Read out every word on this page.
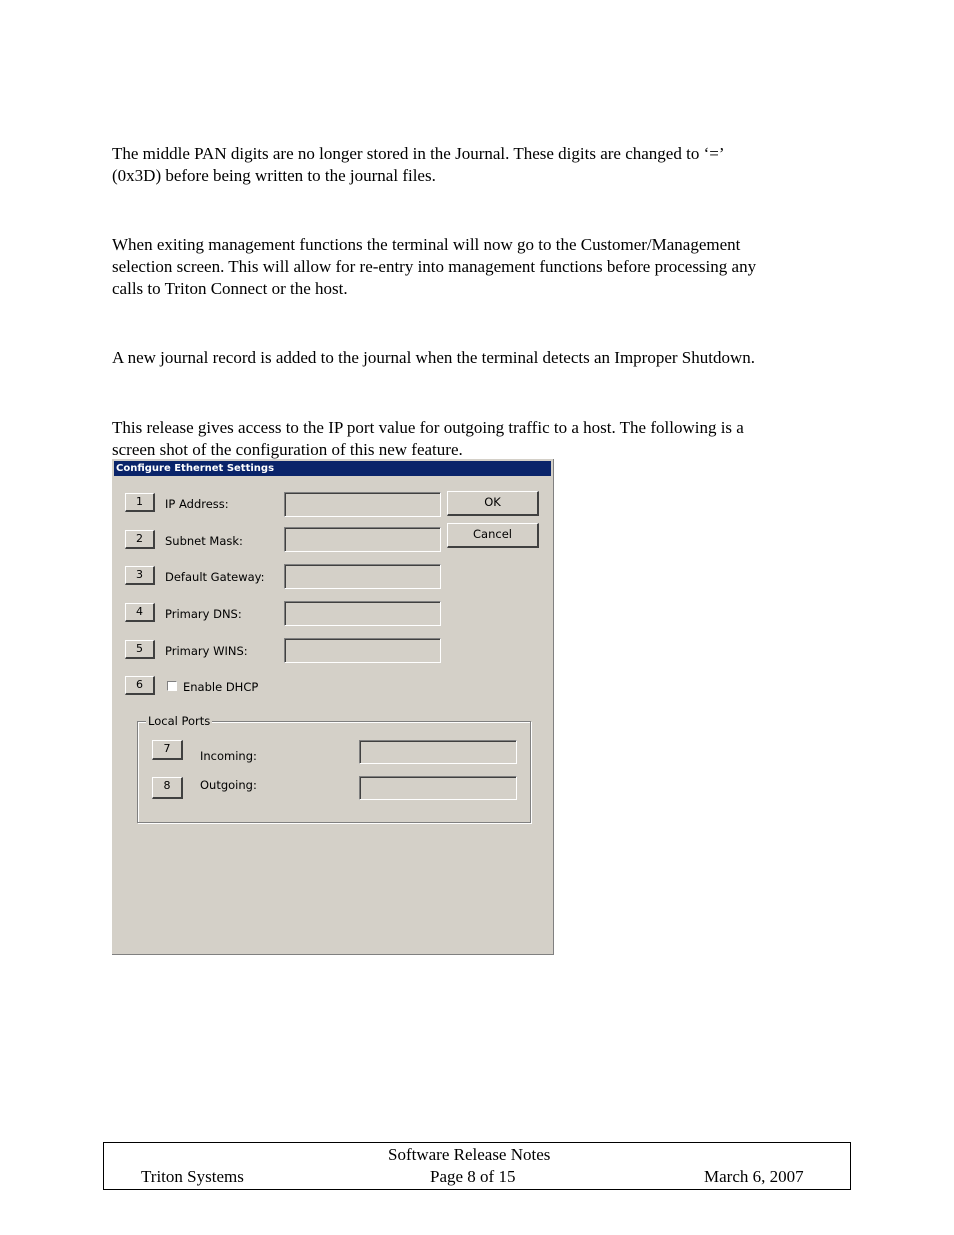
The middle PAN digits are no longer stored in the Journal. These digits are changed to ‘=’

(0x3D) before being written to the journal files.

When exiting management functions the terminal will now go to the Customer/Management

selection screen. This will allow for re-entry into management functions before processing any

calls to Triton Connect or the host.

A new journal record is added to the journal when the terminal detects an Improper Shutdown.

This release gives access to the IP port value for outgoing traffic to a host. The following is a

screen shot of the configuration of this new feature.

Configure Ethernet Settings
1	IP Address:
2	Subnet Mask:
3	Default Gateway:
4	Primary DNS:
5	Primary WINS:
6	Enable DHCP
OK
Cancel
Local Ports
7
Incoming:
8	Outgoing:
Software Release Notes
Triton Systems	Page 8 of 15	March 6, 2007
